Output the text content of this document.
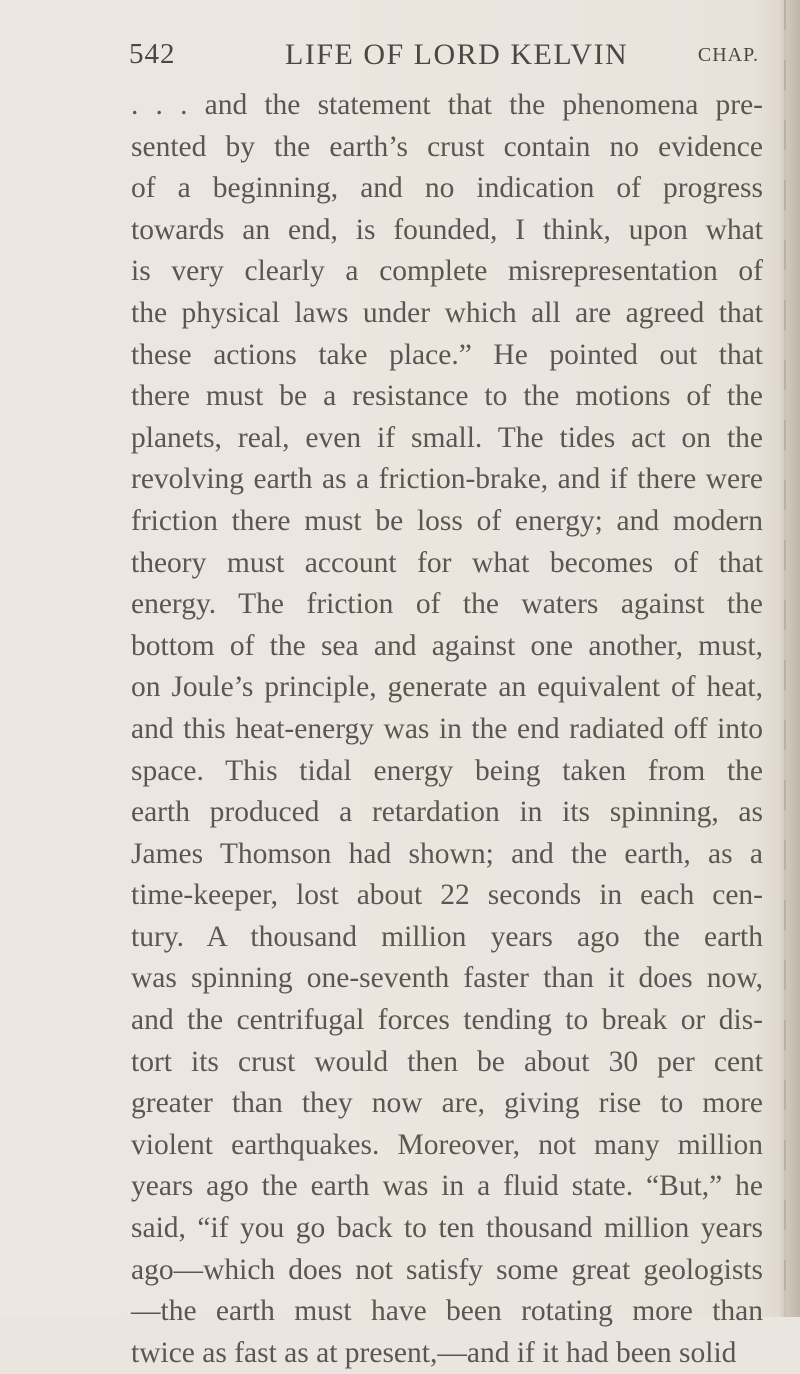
542	LIFE OF LORD KELVIN	CHAP.
. . . and the statement that the phenomena pre-
sented by the earth’s crust contain no evidence
of a beginning, and no indication of progress
towards an end, is founded, I think, upon what
is very clearly a complete misrepresentation of
the physical laws under which all are agreed that
these actions take place.” He pointed out that
there must be a resistance to the motions of the
planets, real, even if small. The tides act on the
revolving earth as a friction-brake, and if there were
friction there must be loss of energy; and modern
theory must account for what becomes of that
energy. The friction of the waters against the
bottom of the sea and against one another, must,
on Joule’s principle, generate an equivalent of heat,
and this heat-energy was in the end radiated off into
space. This tidal energy being taken from the
earth produced a retardation in its spinning, as
James Thomson had shown; and the earth, as a
time-keeper, lost about 22 seconds in each cen-
tury. A thousand million years ago the earth
was spinning one-seventh faster than it does now,
and the centrifugal forces tending to break or dis-
tort its crust would then be about 30 per cent
greater than they now are, giving rise to more
violent earthquakes. Moreover, not many million
years ago the earth was in a fluid state. “But,” he
said, “if you go back to ten thousand million years
ago—which does not satisfy some great geologists
—the earth must have been rotating more than
twice as fast as at present,—and if it had been solid
